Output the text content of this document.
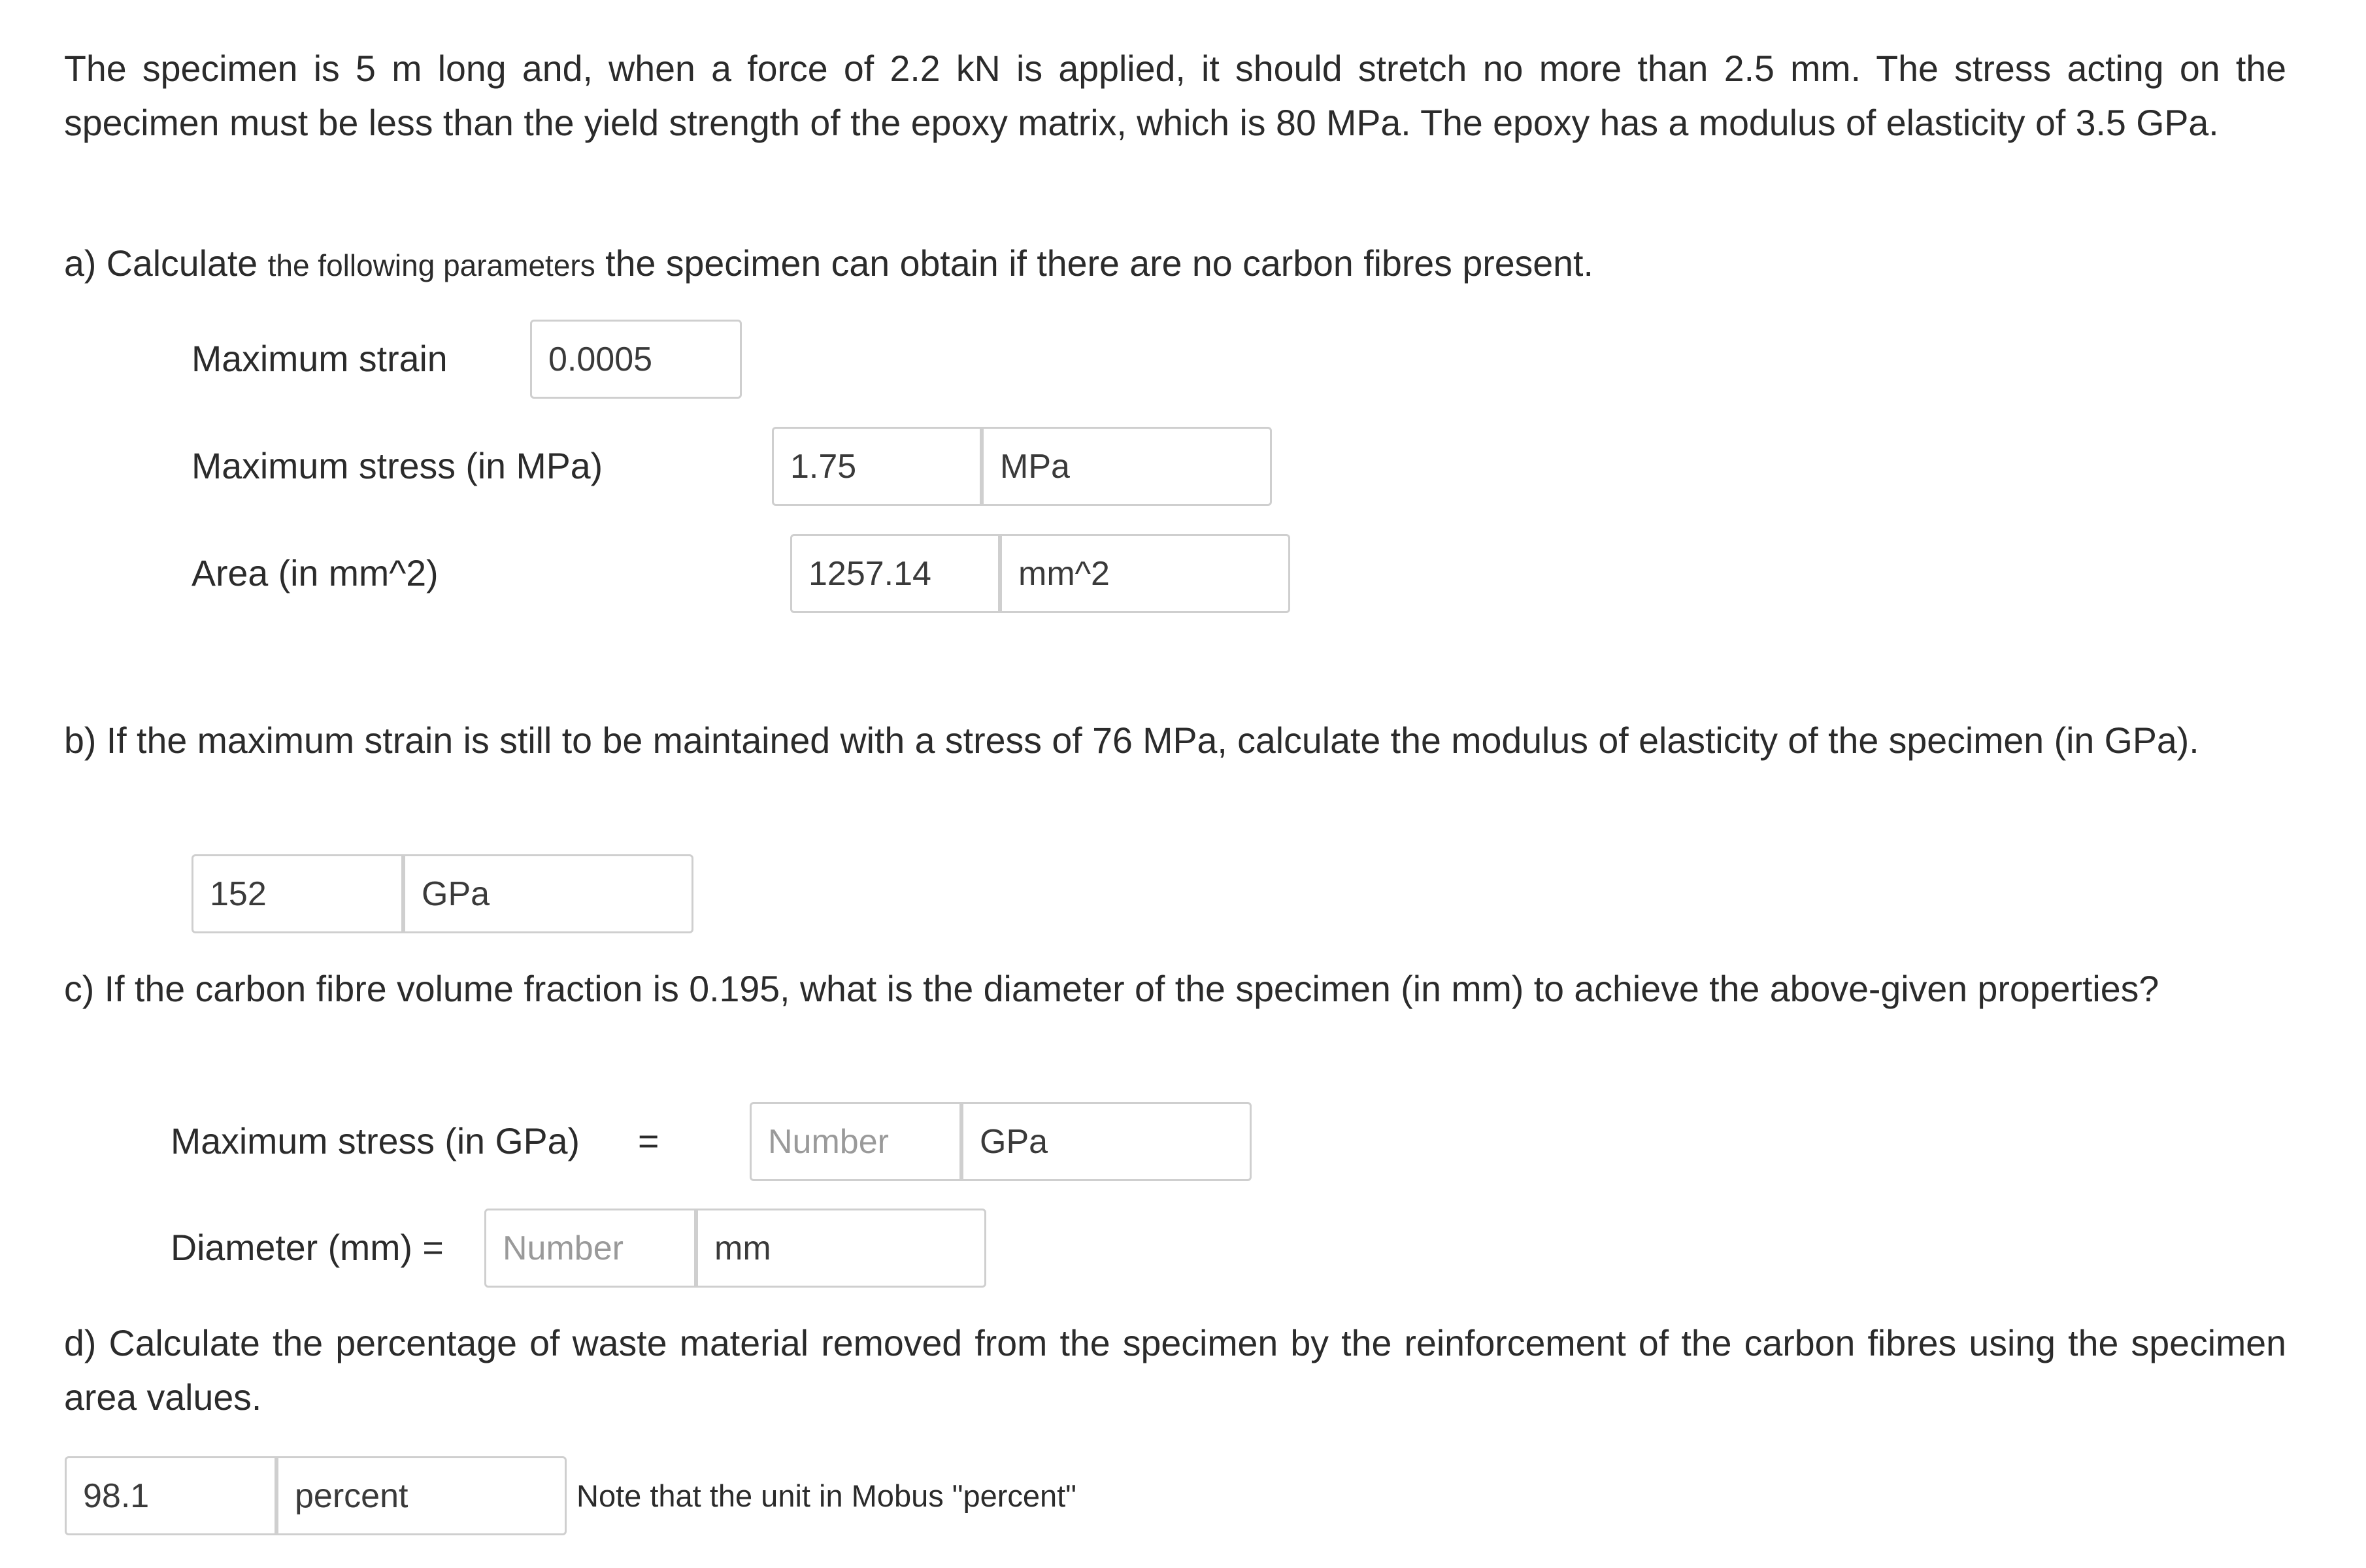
The specimen is 5 m long and, when a force of 2.2 kN is applied, it should stretch no more than 2.5 mm. The stress acting on the specimen must be less than the yield strength of the epoxy matrix, which is 80 MPa. The epoxy has a modulus of elasticity of 3.5 GPa.

a) Calculate the following parameters the specimen can obtain if there are no carbon fibres present.

Maximum strain
0.0005
Maximum stress (in MPa)
1.75	MPa
Area (in mm^2)
1257.14	mm^2

b) If the maximum strain is still to be maintained with a stress of 76 MPa, calculate the modulus of elasticity of the specimen (in GPa).

152
GPa

c) If the carbon fibre volume fraction is 0.195, what is the diameter of the specimen (in mm) to achieve the above-given properties?

Maximum stress (in GPa) =
Number	GPa
Diameter (mm) =
Number	mm

d) Calculate the percentage of waste material removed from the specimen by the reinforcement of the carbon fibres using the specimen area values.

98.1
percent	Note that the unit in Mobus "percent"
